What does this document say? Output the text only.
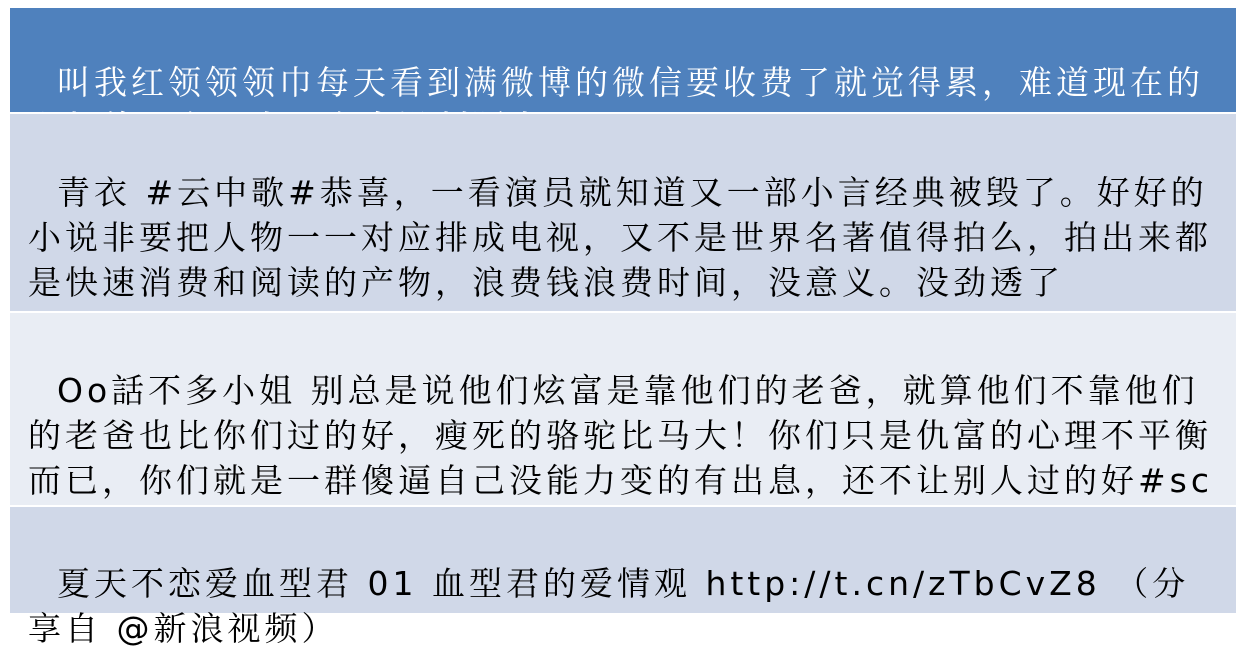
叫我红领领领巾每天看到满微博的微信要收费了就觉得累，难道现在的

青衣 #云中歌#恭喜，一看演员就知道又一部小言经典被毁了。好好的小说非要把人物一一对应排成电视，又不是世界名著值得拍么，拍出来都是快速消费和阅读的产物，浪费钱浪费时间，没意义。没劲透了

Oo話不多小姐 别总是说他们炫富是靠他们的老爸，就算他们不靠他们的老爸也比你们过的好，瘦死的骆驼比马大！你们只是仇富的心理不平衡而已，你们就是一群傻逼自己没能力变的有出息，还不让别人过的好#sc

夏天不恋爱血型君 01 血型君的爱情观 http://t.cn/zTbCvZ8 （分享自 @新浪视频）
